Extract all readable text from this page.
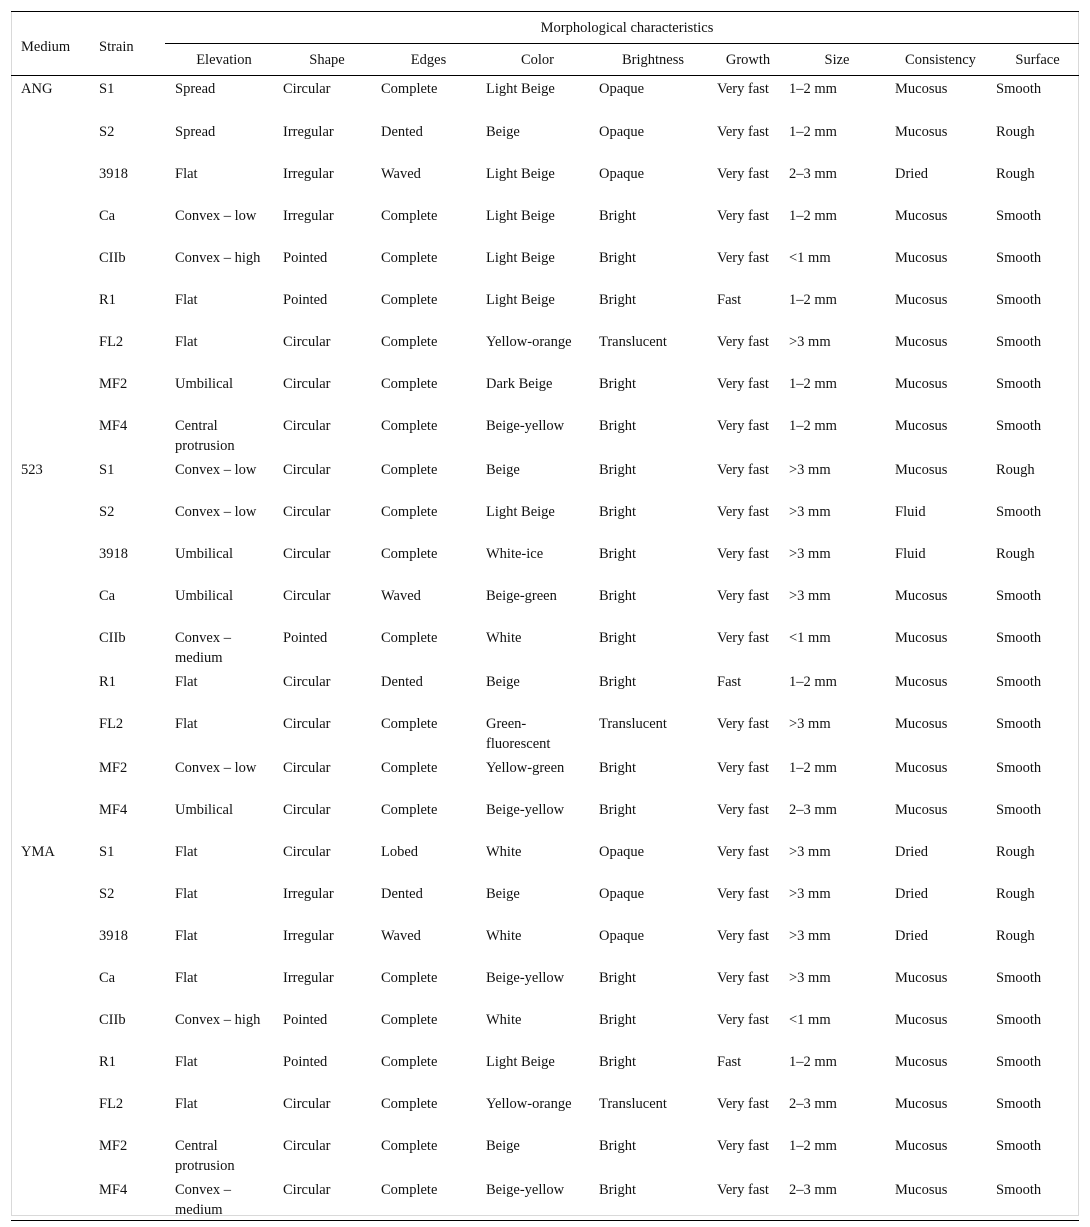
Medium	Strain	Morphological characteristics								
		Elevation	Shape	Edges	Color	Brightness	Growth	Size	Consistency	Surface
ANG	S1	Spread	Circular	Complete	Light Beige	Opaque	Very fast	1–2 mm	Mucosus	Smooth
	S2	Spread	Irregular	Dented	Beige	Opaque	Very fast	1–2 mm	Mucosus	Rough
	3918	Flat	Irregular	Waved	Light Beige	Opaque	Very fast	2–3 mm	Dried	Rough
	Ca	Convex – low	Irregular	Complete	Light Beige	Bright	Very fast	1–2 mm	Mucosus	Smooth
	CIIb	Convex – high	Pointed	Complete	Light Beige	Bright	Very fast	<1 mm	Mucosus	Smooth
	R1	Flat	Pointed	Complete	Light Beige	Bright	Fast	1–2 mm	Mucosus	Smooth
	FL2	Flat	Circular	Complete	Yellow-orange	Translucent	Very fast	>3 mm	Mucosus	Smooth
	MF2	Umbilical	Circular	Complete	Dark Beige	Bright	Very fast	1–2 mm	Mucosus	Smooth
	MF4	Central protrusion	Circular	Complete	Beige-yellow	Bright	Very fast	1–2 mm	Mucosus	Smooth
523	S1	Convex – low	Circular	Complete	Beige	Bright	Very fast	>3 mm	Mucosus	Rough
	S2	Convex – low	Circular	Complete	Light Beige	Bright	Very fast	>3 mm	Fluid	Smooth
	3918	Umbilical	Circular	Complete	White-ice	Bright	Very fast	>3 mm	Fluid	Rough
	Ca	Umbilical	Circular	Waved	Beige-green	Bright	Very fast	>3 mm	Mucosus	Smooth
	CIIb	Convex – medium	Pointed	Complete	White	Bright	Very fast	<1 mm	Mucosus	Smooth
	R1	Flat	Circular	Dented	Beige	Bright	Fast	1–2 mm	Mucosus	Smooth
	FL2	Flat	Circular	Complete	Green-fluorescent	Translucent	Very fast	>3 mm	Mucosus	Smooth
	MF2	Convex – low	Circular	Complete	Yellow-green	Bright	Very fast	1–2 mm	Mucosus	Smooth
	MF4	Umbilical	Circular	Complete	Beige-yellow	Bright	Very fast	2–3 mm	Mucosus	Smooth
YMA	S1	Flat	Circular	Lobed	White	Opaque	Very fast	>3 mm	Dried	Rough
	S2	Flat	Irregular	Dented	Beige	Opaque	Very fast	>3 mm	Dried	Rough
	3918	Flat	Irregular	Waved	White	Opaque	Very fast	>3 mm	Dried	Rough
	Ca	Flat	Irregular	Complete	Beige-yellow	Bright	Very fast	>3 mm	Mucosus	Smooth
	CIIb	Convex – high	Pointed	Complete	White	Bright	Very fast	<1 mm	Mucosus	Smooth
	R1	Flat	Pointed	Complete	Light Beige	Bright	Fast	1–2 mm	Mucosus	Smooth
	FL2	Flat	Circular	Complete	Yellow-orange	Translucent	Very fast	2–3 mm	Mucosus	Smooth
	MF2	Central protrusion	Circular	Complete	Beige	Bright	Very fast	1–2 mm	Mucosus	Smooth
	MF4	Convex – medium	Circular	Complete	Beige-yellow	Bright	Very fast	2–3 mm	Mucosus	Smooth
